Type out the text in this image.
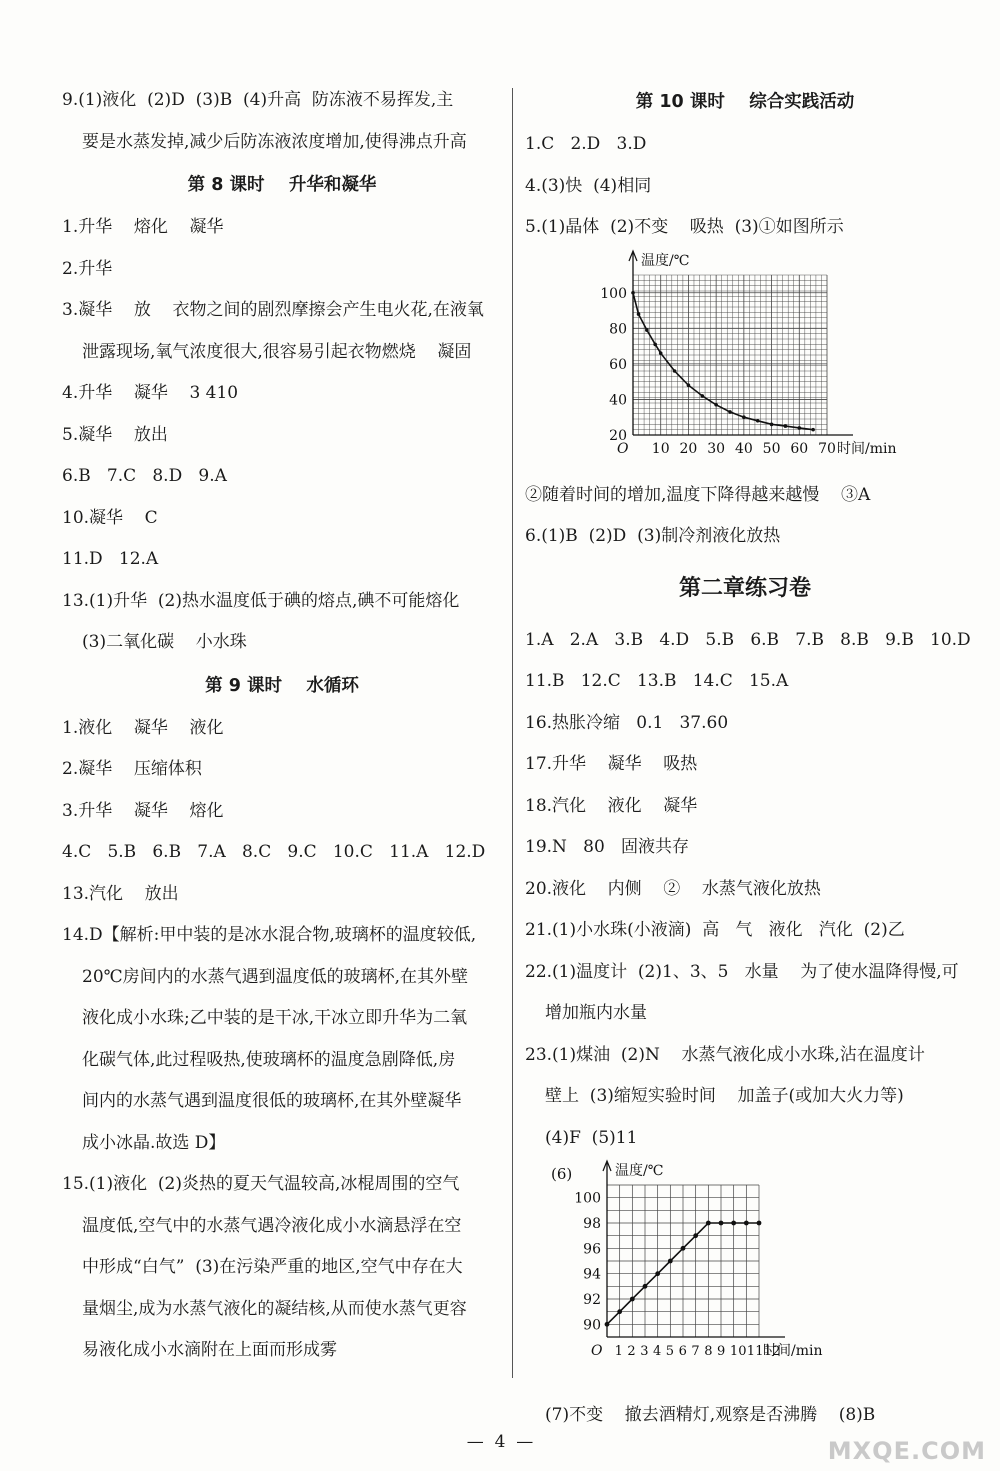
9.(1)液化  (2)D  (3)B  (4)升高  防冻液不易挥发,主
要是水蒸发掉,减少后防冻液浓度增加,使得沸点升高
第 8 课时    升华和凝华
1.升华    熔化    凝华
2.升华
3.凝华    放    衣物之间的剧烈摩擦会产生电火花,在液氧
泄露现场,氧气浓度很大,很容易引起衣物燃烧    凝固
4.升华    凝华    3 410
5.凝华    放出
6.B   7.C   8.D   9.A
10.凝华    C
11.D   12.A
13.(1)升华  (2)热水温度低于碘的熔点,碘不可能熔化
(3)二氧化碳    小水珠
第 9 课时    水循环
1.液化    凝华    液化
2.凝华    压缩体积
3.升华    凝华    熔化
4.C   5.B   6.B   7.A   8.C   9.C   10.C   11.A   12.D
13.汽化    放出
14.D【解析:甲中装的是冰水混合物,玻璃杯的温度较低,
20℃房间内的水蒸气遇到温度低的玻璃杯,在其外壁
液化成小水珠;乙中装的是干冰,干冰立即升华为二氧
化碳气体,此过程吸热,使玻璃杯的温度急剧降低,房
间内的水蒸气遇到温度很低的玻璃杯,在其外壁凝华
成小冰晶.故选 D】
15.(1)液化  (2)炎热的夏天气温较高,冰棍周围的空气
温度低,空气中的水蒸气遇冷液化成小水滴悬浮在空
中形成“白气”  (3)在污染严重的地区,空气中存在大
量烟尘,成为水蒸气液化的凝结核,从而使水蒸气更容
易液化成小水滴附在上面而形成雾
第 10 课时    综合实践活动
1.C   2.D   3.D
4.(3)快  (4)相同
5.(1)晶体  (2)不变    吸热  (3)①如图所示
温度/℃
O
20
40
60
80
100
10 20 30 40 50 60 70 时间/min
②随着时间的增加,温度下降得越来越慢    ③A
6.(1)B  (2)D  (3)制冷剂液化放热
第二章练习卷
1.A   2.A   3.B   4.D   5.B   6.B   7.B   8.B   9.B   10.D
11.B   12.C   13.B   14.C   15.A
16.热胀冷缩   0.1   37.60
17.升华    凝华    吸热
18.汽化    液化    凝华
19.N   80   固液共存
20.液化    内侧    ②    水蒸气液化放热
21.(1)小水珠(小液滴)  高   气   液化   汽化  (2)乙
22.(1)温度计  (2)1、3、5   水量    为了使水温降得慢,可
增加瓶内水量
23.(1)煤油  (2)N    水蒸气液化成小水珠,沾在温度计
壁上  (3)缩短实验时间    加盖子(或加大火力等)
(4)F  (5)11
温度/℃
O
(6)
90
92
94
96
98
100
1 2 3 4 5 6 7 8 9 101112
时间/min
(7)不变    撤去酒精灯,观察是否沸腾    (8)B
—  4  —	MXQE.COM
